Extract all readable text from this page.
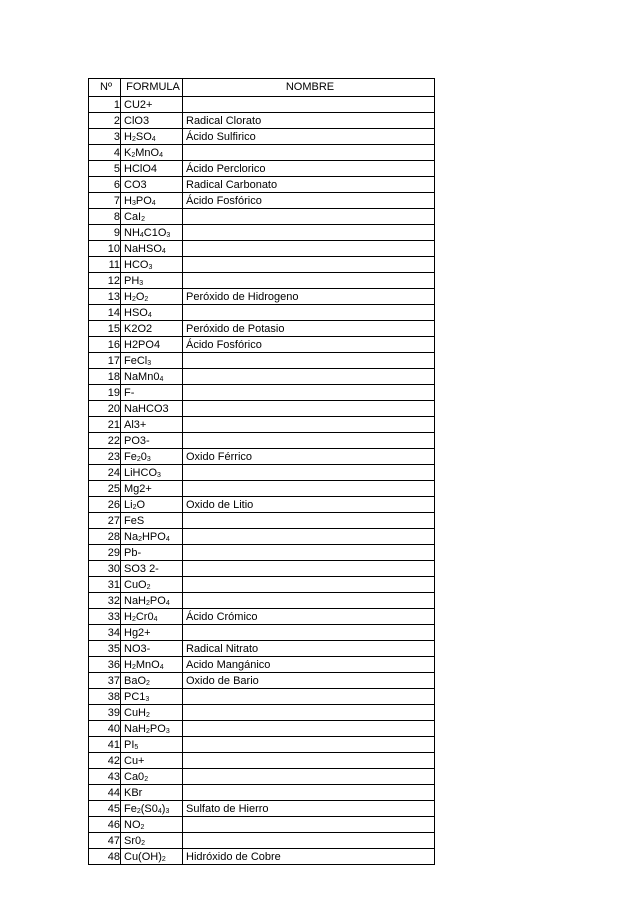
Nº	FORMULA	NOMBRE
1	CU2+	
2	ClO3	Radical Clorato
3	$H_2SO_4$	Ácido Sulfirico
4	$K_2MnO_4$	
5	HClO4	Ácido Perclorico
6	CO3	Radical Carbonato
7	$H_3PO_4$	Ácido Fosfórico
8	CaI$_2$	
9	$NH_4C1O_3$	
10	NaHSO$_4$	
11	$HCO_3$	
12	$PH_3$	
13	$H_2O_2$	Peróxido de Hidrogeno
14	$HSO_4$	
15	K2O2	Peróxido de Potasio
16	H2PO4	Ácido Fosfórico
17	FeCl$_3$	
18	$NaMn0_4$	
19	F-	
20	NaHCO3	
21	Al3+	
22	PO3-	
23	$Fe_20_3$	Oxido Férrico
24	LiHCO$_3$	
25	Mg2+	
26	$Li_2O$	Oxido de Litio
27	FeS	
28	$Na_2HPO_4$	
29	Pb-	
30	SO3 2-	
31	CuO$_2$	
32	$NaH_2PO_4$	
33	$H_2Cr0_4$	Ácido Crómico
34	Hg2+	
35	NO3-	Radical Nitrato
36	$H_2MnO_4$	Acido Mangánico
37	BaO$_2$	Oxido de Bario
38	$PC1_3$	
39	CuH$_2$	
40	$NaH_2PO_3$	
41	$PI_5$	
42	Cu+	
43	$Ca0_2$	
44	KBr	
45	$Fe_2(S0_4)_3$	Sulfato de Hierro
46	$NO_2$	
47	$Sr0_2$	
48	$Cu(OH)_2$	Hidróxido de Cobre
